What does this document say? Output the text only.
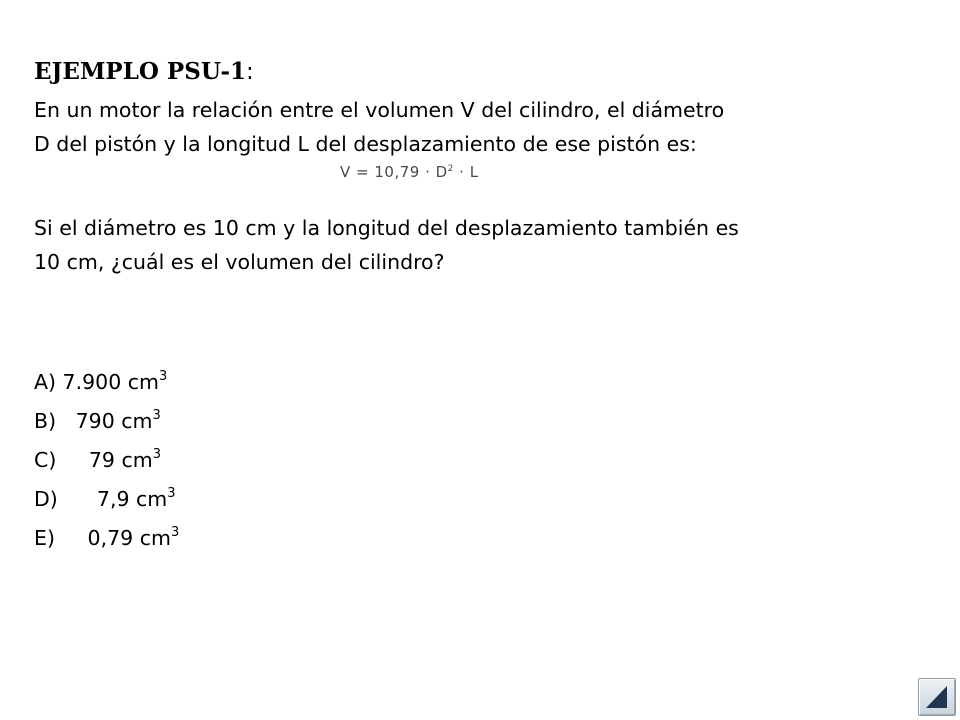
EJEMPLO PSU-1:
En un motor la relación entre el volumen V del cilindro, el diámetro
D del pistón y la longitud L del desplazamiento de ese pistón es:
$V = 10,79 \cdot D^2 \cdot L$
Si el diámetro es 10 cm y la longitud del desplazamiento también es
10 cm, ¿cuál es el volumen del cilindro?
A) 7.900 $cm^3$
B)   790 $cm^3$
C)     79 $cm^3$
D)      7,9 $cm^3$
E)     0,79 $cm^3$
